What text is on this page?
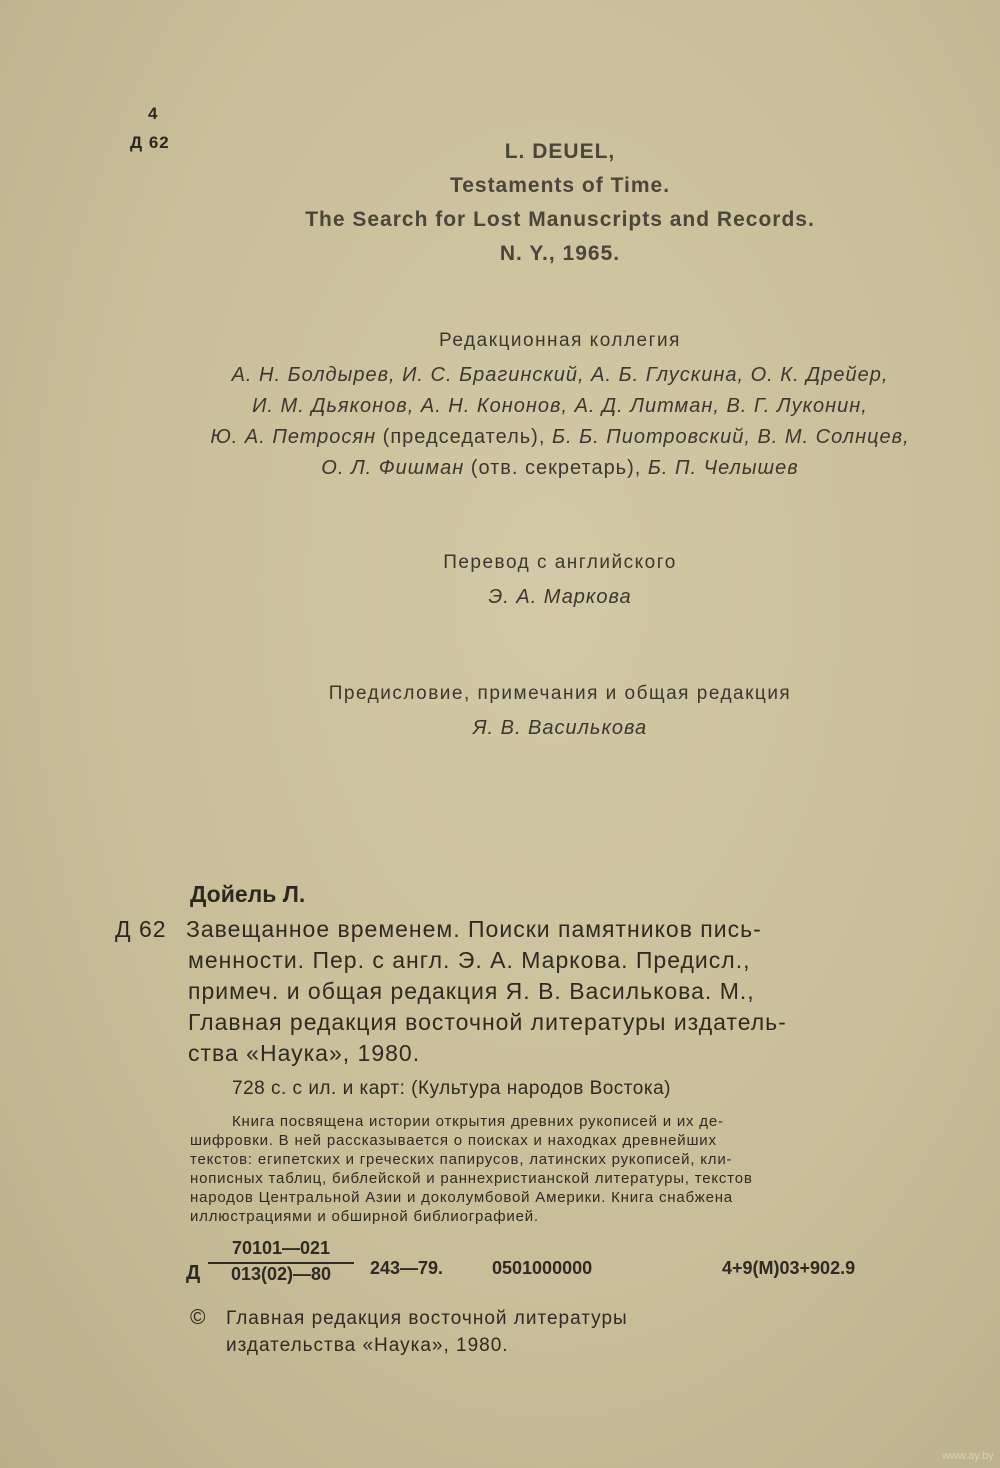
4
Д 62	L. DEUEL,
Testaments of Time.
The Search for Lost Manuscripts and Records.
N. Y., 1965.
Редакционная коллегия
А. Н. Болдырев, И. С. Брагинский, А. Б. Глускина, О. К. Дрейер,
И. М. Дьяконов, А. Н. Кононов, А. Д. Литман, В. Г. Луконин,
Ю. А. Петросян (председатель), Б. Б. Пиотровский, В. М. Солнцев,
О. Л. Фишман (отв. секретарь), Б. П. Челышев
Перевод с английского
Э. А. Маркова
Предисловие, примечания и общая редакция
Я. В. Василькова
Дойель Л.
Д 62 Завещанное временем. Поиски памятников пись-
менности. Пер. с англ. Э. А. Маркова. Предисл.,
примеч. и общая редакция Я. В. Василькова. М.,
Главная редакция восточной литературы издатель-
ства «Наука», 1980.
728 с. с ил. и карт: (Культура народов Востока)
Книга посвящена истории открытия древних рукописей и их де-
шифровки. В ней рассказывается о поисках и находках древнейших
текстов: египетских и греческих папирусов, латинских рукописей, кли-
нописных таблиц, библейской и раннехристианской литературы, текстов
народов Центральной Азии и доколумбовой Америки. Книга снабжена
иллюстрациями и обширной библиографией.
Д
70101—021
013(02)—80	243—79.	0501000000	4+9(М)03+902.9
© Главная редакция восточной литературы
издательства «Наука», 1980.
www.ay.by
